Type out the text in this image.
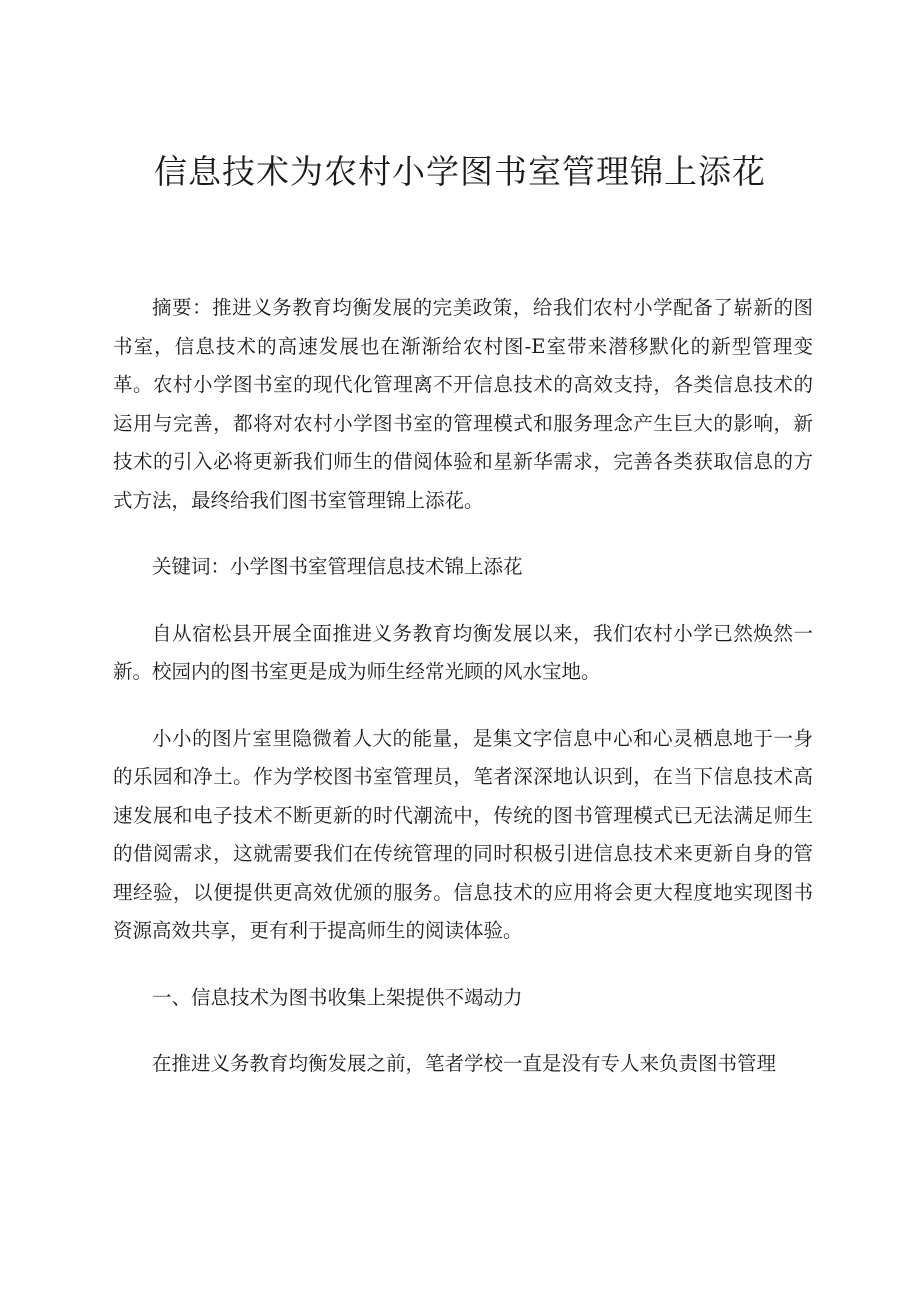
信息技术为农村小学图书室管理锦上添花

摘要：推进义务教育均衡发展的完美政策，给我们农村小学配备了崭新的图书室，信息技术的高速发展也在渐渐给农村图-E室带来潜移默化的新型管理变革。农村小学图书室的现代化管理离不开信息技术的高效支持，各类信息技术的运用与完善，都将对农村小学图书室的管理模式和服务理念产生巨大的影响，新技术的引入必将更新我们师生的借阅体验和星新华需求，完善各类获取信息的方式方法，最终给我们图书室管理锦上添花。

关键词：小学图书室管理信息技术锦上添花

自从宿松县开展全面推进义务教育均衡发展以来，我们农村小学已然焕然一新。校园内的图书室更是成为师生经常光顾的风水宝地。

小小的图片室里隐微着人大的能量，是集文字信息中心和心灵栖息地于一身的乐园和净土。作为学校图书室管理员，笔者深深地认识到，在当下信息技术高速发展和电子技术不断更新的时代潮流中，传统的图书管理模式已无法满足师生的借阅需求，这就需要我们在传统管理的同时积极引进信息技术来更新自身的管理经验，以便提供更高效优颁的服务。信息技术的应用将会更大程度地实现图书资源高效共享，更有利于提高师生的阅读体验。

一、信息技术为图书收集上架提供不竭动力

在推进义务教育均衡发展之前，笔者学校一直是没有专人来负责图书管理
